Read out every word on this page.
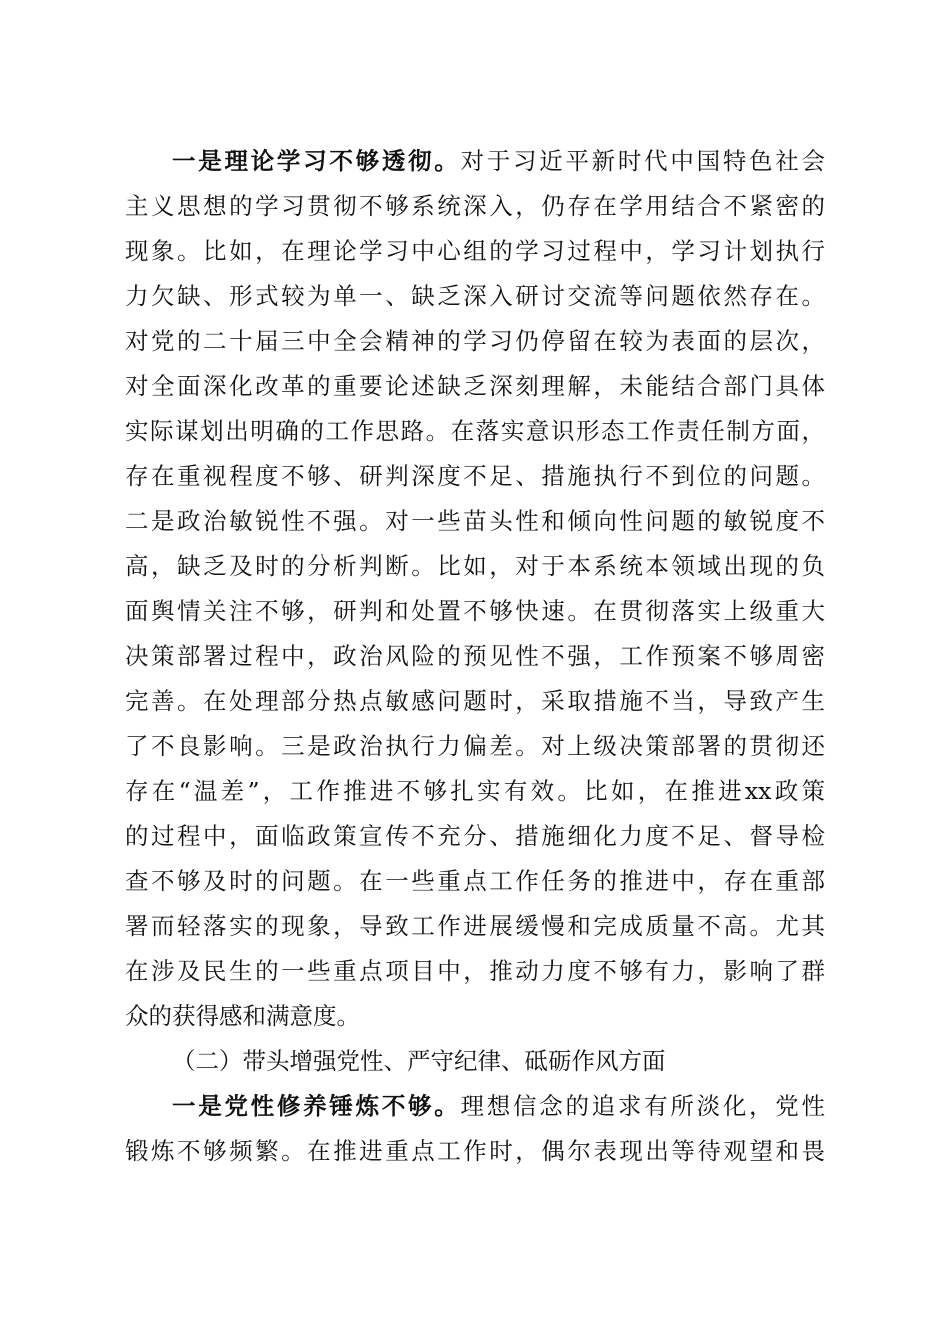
一是理论学习不够透彻。对于习近平新时代中国特色社会
主义思想的学习贯彻不够系统深入，仍存在学用结合不紧密的
现象。比如，在理论学习中心组的学习过程中，学习计划执行
力欠缺、形式较为单一、缺乏深入研讨交流等问题依然存在。
对党的二十届三中全会精神的学习仍停留在较为表面的层次，
对全面深化改革的重要论述缺乏深刻理解，未能结合部门具体
实际谋划出明确的工作思路。在落实意识形态工作责任制方面，
存在重视程度不够、研判深度不足、措施执行不到位的问题。
二是政治敏锐性不强。对一些苗头性和倾向性问题的敏锐度不
高，缺乏及时的分析判断。比如，对于本系统本领域出现的负
面舆情关注不够，研判和处置不够快速。在贯彻落实上级重大
决策部署过程中，政治风险的预见性不强，工作预案不够周密
完善。在处理部分热点敏感问题时，采取措施不当，导致产生
了不良影响。三是政治执行力偏差。对上级决策部署的贯彻还
存在“温差”，工作推进不够扎实有效。比如，在推进xx政策
的过程中，面临政策宣传不充分、措施细化力度不足、督导检
查不够及时的问题。在一些重点工作任务的推进中，存在重部
署而轻落实的现象，导致工作进展缓慢和完成质量不高。尤其
在涉及民生的一些重点项目中，推动力度不够有力，影响了群
众的获得感和满意度。
（二）带头增强党性、严守纪律、砥砺作风方面
一是党性修养锤炼不够。理想信念的追求有所淡化，党性
锻炼不够频繁。在推进重点工作时，偶尔表现出等待观望和畏
